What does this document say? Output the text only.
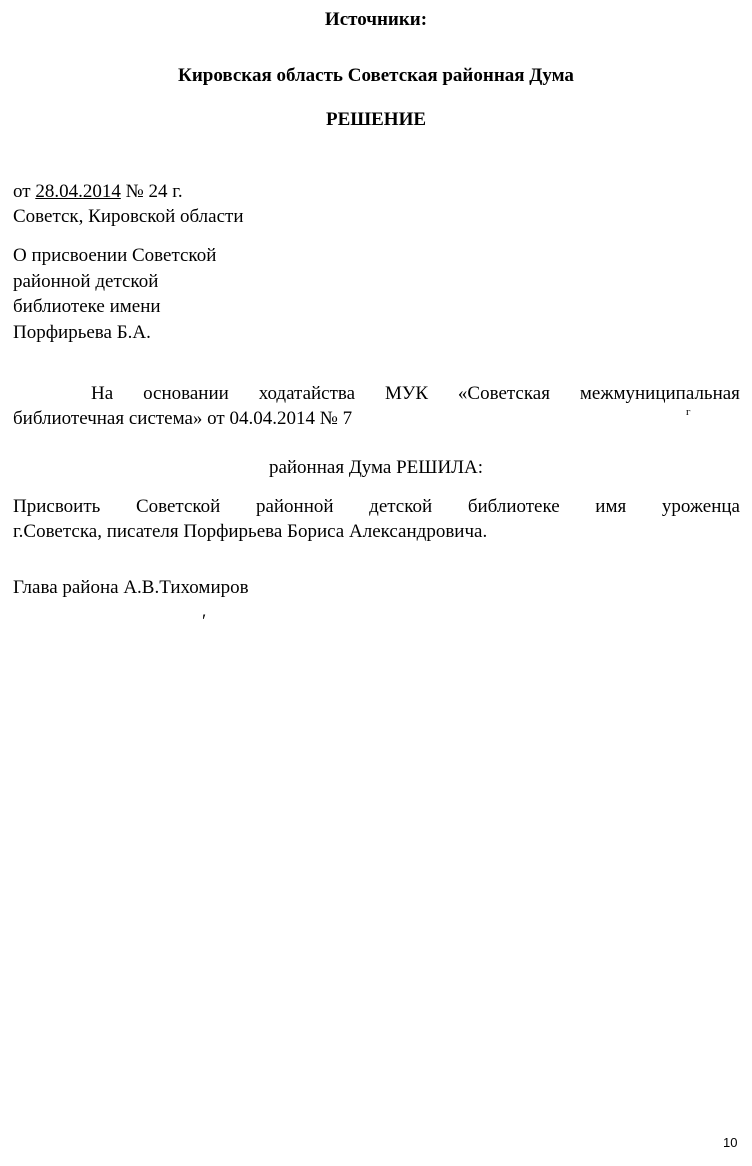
Источники:

Кировская область Советская районная Дума

РЕШЕНИЕ

от 28.04.2014 № 24 г.

Советск, Кировской области

О присвоении Советской

районной детской

библиотеке имени

Порфирьева Б.А.

На основании ходатайства МУК «Советская межмуниципальная

библиотечная система» от 04.04.2014 № 7	г

районная Дума РЕШИЛА:

Присвоить Советской районной детской библиотеке имя уроженца

г.Советска, писателя Порфирьева Бориса Александровича.

Глава района А.В.Тихомиров

ʹ
10
